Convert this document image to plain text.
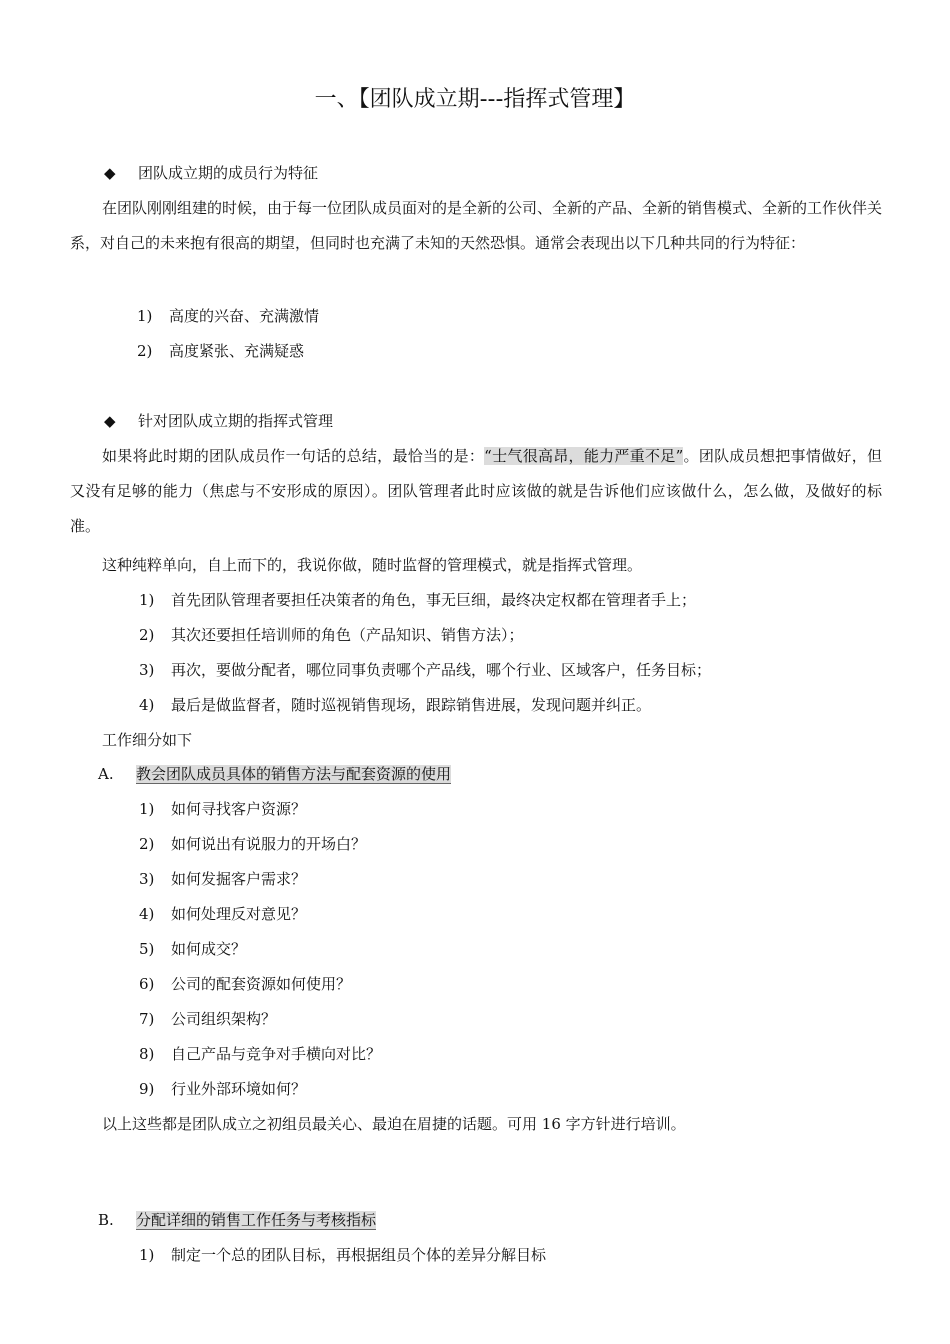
一、【团队成立期---指挥式管理】
◆ 团队成立期的成员行为特征
在团队刚刚组建的时候，由于每一位团队成员面对的是全新的公司、全新的产品、全新的销售模式、全新的工作伙伴关系，对自己的未来抱有很高的期望，但同时也充满了未知的天然恐惧。通常会表现出以下几种共同的行为特征：
1) 高度的兴奋、充满激情
2) 高度紧张、充满疑惑
◆ 针对团队成立期的指挥式管理
如果将此时期的团队成员作一句话的总结，最恰当的是：“士气很高昂，能力严重不足”。团队成员想把事情做好，但又没有足够的能力（焦虑与不安形成的原因）。团队管理者此时应该做的就是告诉他们应该做什么，怎么做，及做好的标准。
这种纯粹单向，自上而下的，我说你做，随时监督的管理模式，就是指挥式管理。
1) 首先团队管理者要担任决策者的角色，事无巨细，最终决定权都在管理者手上；
2) 其次还要担任培训师的角色（产品知识、销售方法）；
3) 再次，要做分配者，哪位同事负责哪个产品线，哪个行业、区域客户，任务目标；
4) 最后是做监督者，随时巡视销售现场，跟踪销售进展，发现问题并纠正。
工作细分如下
A. 教会团队成员具体的销售方法与配套资源的使用
1) 如何寻找客户资源？
2) 如何说出有说服力的开场白？
3) 如何发掘客户需求？
4) 如何处理反对意见？
5) 如何成交？
6) 公司的配套资源如何使用？
7) 公司组织架构？
8) 自己产品与竞争对手横向对比？
9) 行业外部环境如何？
以上这些都是团队成立之初组员最关心、最迫在眉捷的话题。可用 16 字方针进行培训。
B. 分配详细的销售工作任务与考核指标
1) 制定一个总的团队目标，再根据组员个体的差异分解目标
